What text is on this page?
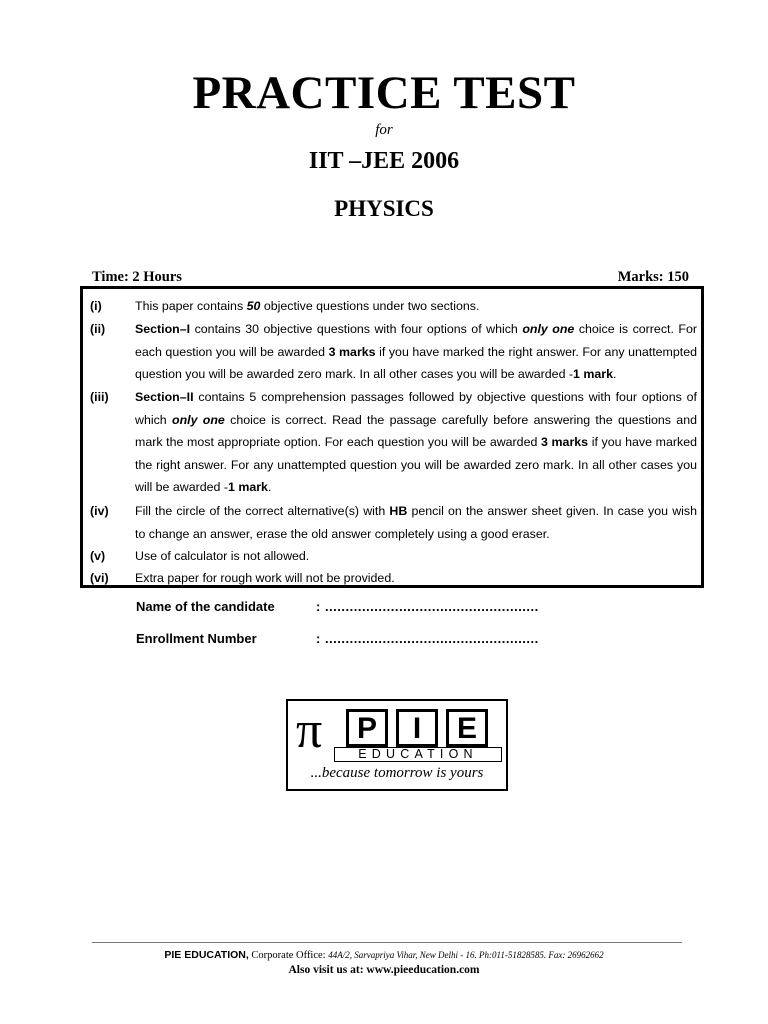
PRACTICE TEST
for
IIT –JEE 2006
PHYSICS
Time: 2 Hours	Marks: 150
(i)	This paper contains 50 objective questions under two sections.
(ii)	Section–I contains 30 objective questions with four options of which only one choice is correct. For each question you will be awarded 3 marks if you have marked the right answer. For any unattempted question you will be awarded zero mark. In all other cases you will be awarded -1 mark.
(iii)	Section–II contains 5 comprehension passages followed by objective questions with four options of which only one choice is correct. Read the passage carefully before answering the questions and mark the most appropriate option. For each question you will be awarded 3 marks if you have marked the right answer. For any unattempted question you will be awarded zero mark. In all other cases you will be awarded -1 mark.
(iv)	Fill the circle of the correct alternative(s) with HB pencil on the answer sheet given. In case you wish to change an answer, erase the old answer completely using a good eraser.
(v)	Use of calculator is not allowed.
(vi)	Extra paper for rough work will not be provided.
Name of the candidate	: ....................................................
Enrollment Number	: ....................................................
π	P	I	E
EDUCATION
...because tomorrow is yours
PIE EDUCATION, Corporate Office: 44A/2, Sarvapriya Vihar, New Delhi - 16. Ph:011-51828585. Fax: 26962662
Also visit us at: www.pieeducation.com
